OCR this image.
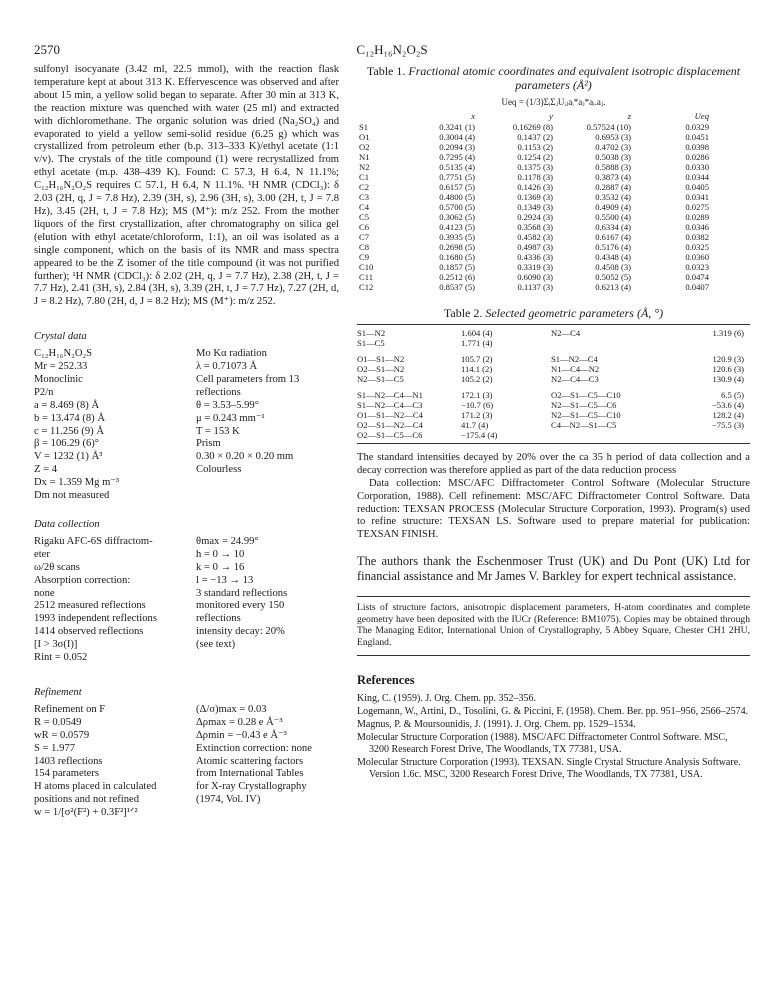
2570	C₁₂H₁₆N₂O₂S

sulfonyl isocyanate (3.42 ml, 22.5 mmol), with the reaction flask temperature kept at about 313 K. Effervescence was observed and after about 15 min, a yellow solid began to separate. After 30 min at 313 K, the reaction mixture was quenched with water (25 ml) and extracted with dichloromethane. The organic solution was dried (Na₂SO₄) and evaporated to yield a yellow semi-solid residue (6.25 g) which was crystallized from petroleum ether (b.p. 313–333 K)/ethyl acetate (1:1 v/v). The crystals of the title compound (1) were recrystallized from ethyl acetate (m.p. 438–439 K). Found: C 57.3, H 6.4, N 11.1%; C₁₂H₁₆N₂O₂S requires C 57.1, H 6.4, N 11.1%. ¹H NMR (CDCl₃): δ 2.03 (2H, q, J = 7.8 Hz), 2.39 (3H, s), 2.96 (3H, s), 3.00 (2H, t, J = 7.8 Hz), 3.45 (2H, t, J = 7.8 Hz); MS (M⁺): m/z 252. From the mother liquors of the first crystallization, after chromatography on silica gel (elution with ethyl acetate/chloroform, 1:1), an oil was isolated as a single component, which on the basis of its NMR and mass spectra appeared to be the Z isomer of the title compound (it was not purified further); ¹H NMR (CDCl₃): δ 2.02 (2H, q, J = 7.7 Hz), 2.38 (2H, t, J = 7.7 Hz), 2.41 (3H, s), 2.84 (3H, s), 3.39 (2H, t, J = 7.7 Hz), 7.27 (2H, d, J = 8.2 Hz), 7.80 (2H, d, J = 8.2 Hz); MS (M⁺): m/z 252.

Crystal data
C₁₂H₁₆N₂O₂S	Mo Kα radiation
Mr = 252.33	λ = 0.71073 Å
Monoclinic	Cell parameters from 13
P2/n	reflections
a = 8.469 (8) Å	θ = 3.53–5.99°
b = 13.474 (8) Å	μ = 0.243 mm⁻¹
c = 11.256 (9) Å	T = 153 K
β = 106.29 (6)°	Prism
V = 1232 (1) Å³	0.30 × 0.20 × 0.20 mm
Z = 4	Colourless
Dx = 1.359 Mg m⁻³	
Dm not measured	
Data collection
Rigaku AFC-6S diffractom-	θmax = 24.99°
eter	h = 0 → 10
ω/2θ scans	k = 0 → 16
Absorption correction:	l = −13 → 13
none	3 standard reflections
2512 measured reflections	monitored every 150
1993 independent reflections	reflections
1414 observed reflections	intensity decay: 20%
[I > 3σ(I)]	(see text)
Rint = 0.052	
Refinement
Refinement on F	(Δ/σ)max = 0.03
R = 0.0549	Δρmax = 0.28 e Å⁻³
wR = 0.0579	Δρmin = −0.43 e Å⁻³
S = 1.977	Extinction correction: none
1403 reflections	Atomic scattering factors
154 parameters	from International Tables
H atoms placed in calculated	for X-ray Crystallography
positions and not refined	(1974, Vol. IV)
w = 1/[σ²(F²) + 0.3F²]¹ᐟ²	

Table 1. Fractional atomic coordinates and equivalent isotropic displacement parameters (Å²)

Ueq = (1/3)ΣᵢΣⱼUᵢⱼaᵢ*aⱼ*aᵢ.aⱼ.
	x	y	z	Ueq
S1	0.3241 (1)	0.16269 (8)	0.57524 (10)	0.0329
O1	0.3004 (4)	0.1437 (2)	0.6953 (3)	0.0451
O2	0.2094 (3)	0.1153 (2)	0.4702 (3)	0.0398
N1	0.7295 (4)	0.1254 (2)	0.5038 (3)	0.0286
N2	0.5135 (4)	0.1375 (3)	0.5888 (3)	0.0330
C1	0.7751 (5)	0.1178 (3)	0.3873 (4)	0.0344
C2	0.6157 (5)	0.1426 (3)	0.2887 (4)	0.0405
C3	0.4800 (5)	0.1369 (3)	0.3532 (4)	0.0341
C4	0.5700 (5)	0.1349 (3)	0.4909 (4)	0.0275
C5	0.3062 (5)	0.2924 (3)	0.5500 (4)	0.0289
C6	0.4123 (5)	0.3568 (3)	0.6334 (4)	0.0346
C7	0.3935 (5)	0.4582 (3)	0.6167 (4)	0.0382
C8	0.2698 (5)	0.4987 (3)	0.5176 (4)	0.0325
C9	0.1680 (5)	0.4336 (3)	0.4348 (4)	0.0360
C10	0.1857 (5)	0.3319 (3)	0.4508 (3)	0.0323
C11	0.2512 (6)	0.6090 (3)	0.5052 (5)	0.0474
C12	0.8537 (5)	0.1137 (3)	0.6213 (4)	0.0407

Table 2. Selected geometric parameters (Å, °)

S1—N2	1.604 (4)	N2—C4	1.319 (6)
S1—C5	1.771 (4)		
O1—S1—N2	105.7 (2)	S1—N2—C4	120.9 (3)
O2—S1—N2	114.1 (2)	N1—C4—N2	120.6 (3)
N2—S1—C5	105.2 (2)	N2—C4—C3	130.9 (4)
S1—N2—C4—N1	172.1 (3)	O2—S1—C5—C10	6.5 (5)
S1—N2—C4—C3	−10.7 (6)	N2—S1—C5—C6	−53.6 (4)
O1—S1—N2—C4	171.2 (3)	N2—S1—C5—C10	128.2 (4)
O2—S1—N2—C4	41.7 (4)	C4—N2—S1—C5	−75.5 (3)
O2—S1—C5—C6	−175.4 (4)		

The standard intensities decayed by 20% over the ca 35 h period of data collection and a decay correction was therefore applied as part of the data reduction process

Data collection: MSC/AFC Diffractometer Control Software (Molecular Structure Corporation, 1988). Cell refinement: MSC/AFC Diffractometer Control Software. Data reduction: TEXSAN PROCESS (Molecular Structure Corporation, 1993). Program(s) used to refine structure: TEXSAN LS. Software used to prepare material for publication: TEXSAN FINISH.

The authors thank the Eschenmoser Trust (UK) and Du Pont (UK) Ltd for financial assistance and Mr James V. Barkley for expert technical assistance.

Lists of structure factors, anisotropic displacement parameters, H-atom coordinates and complete geometry have been deposited with the IUCr (Reference: BM1075). Copies may be obtained through The Managing Editor, International Union of Crystallography, 5 Abbey Square, Chester CH1 2HU, England.
References

King, C. (1959). J. Org. Chem. pp. 352–356.

Logemann, W., Artini, D., Tosolini, G. & Piccini, F. (1958). Chem. Ber. pp. 951–956, 2566–2574.

Magnus, P. & Moursounidis, J. (1991). J. Org. Chem. pp. 1529–1534.

Molecular Structure Corporation (1988). MSC/AFC Diffractometer Control Software. MSC, 3200 Research Forest Drive, The Woodlands, TX 77381, USA.

Molecular Structure Corporation (1993). TEXSAN. Single Crystal Structure Analysis Software. Version 1.6c. MSC, 3200 Research Forest Drive, The Woodlands, TX 77381, USA.
